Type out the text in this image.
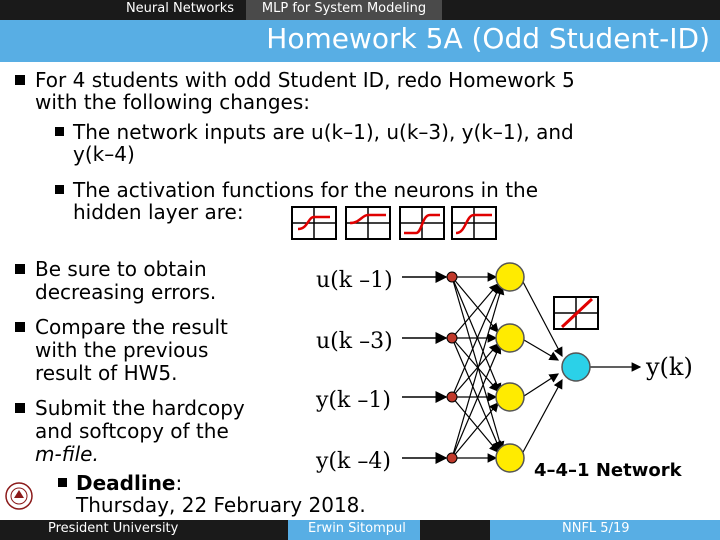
Neural Networks	MLP for System Modeling
Homework 5A (Odd Student-ID)
For 4 students with odd Student ID, redo Homework 5
with the following changes:
The network inputs are u(k–1), u(k–3), y(k–1), and
y(k–4)
The activation functions for the neurons in the
hidden layer are:
Be sure to obtain
decreasing errors.
Compare the result
with the previous
result of HW5.
Submit the hardcopy
and softcopy of the
m-file.
Deadline:
Thursday, 22 February 2018.
u(k –1)
u(k –3)
y(k –1)
y(k –4)
y(k)
4–4–1 Network
President University	Erwin Sitompul	NNFL 5/19
